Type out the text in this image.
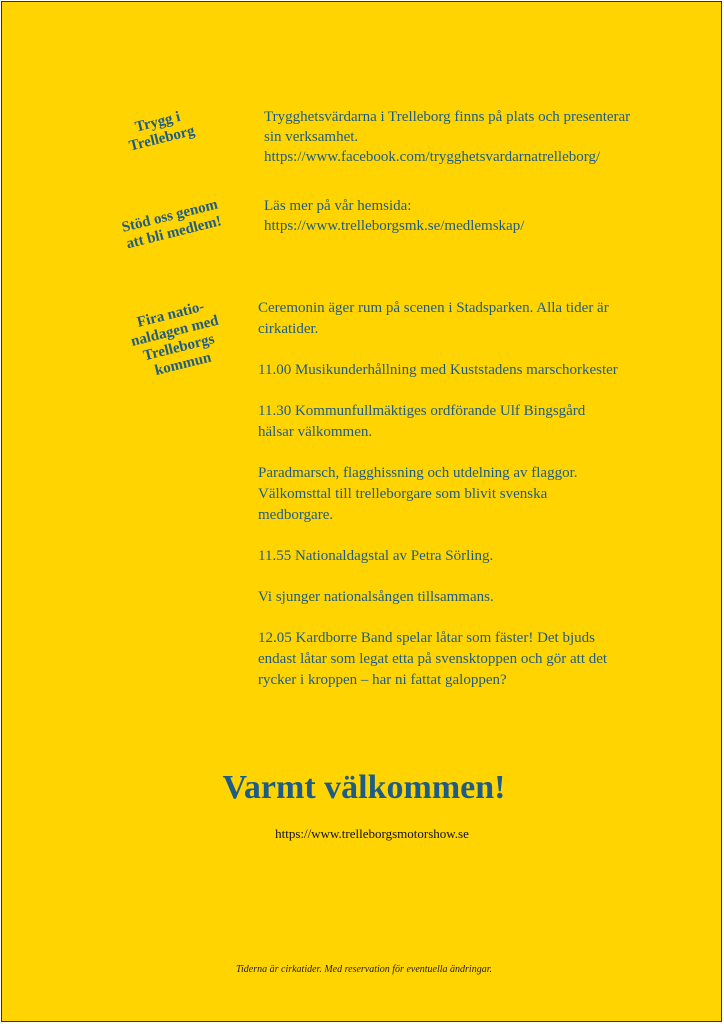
Trygg i
Trelleborg

Trygghetsvärdarna i Trelleborg finns på plats och presenterar sin verksamhet. https://www.facebook.com/trygghetsvardarnatrelleborg/

Stöd oss genom
att bli medlem!

Läs mer på vår hemsida: https://www.trelleborgsmk.se/medlemskap/

Fira natio-
naldagen med
Trelleborgs
kommun

Ceremonin äger rum på scenen i Stadsparken. Alla tider är cirkatider.

11.00 Musikunderhållning med Kuststadens marschorkester

11.30 Kommunfullmäktiges ordförande Ulf Bingsgård hälsar välkommen.

Paradmarsch, flagghissning och utdelning av flaggor. Välkomsttal till trelleborgare som blivit svenska medborgare.

11.55 Nationaldagstal av Petra Sörling.

Vi sjunger nationalsången tillsammans.

12.05 Kardborre Band spelar låtar som fäster! Det bjuds endast låtar som legat etta på svensktoppen och gör att det rycker i kroppen – har ni fattat galoppen?

Varmt välkommen!

https://www.trelleborgsmotorshow.se

Tiderna är cirkatider. Med reservation för eventuella ändringar.
